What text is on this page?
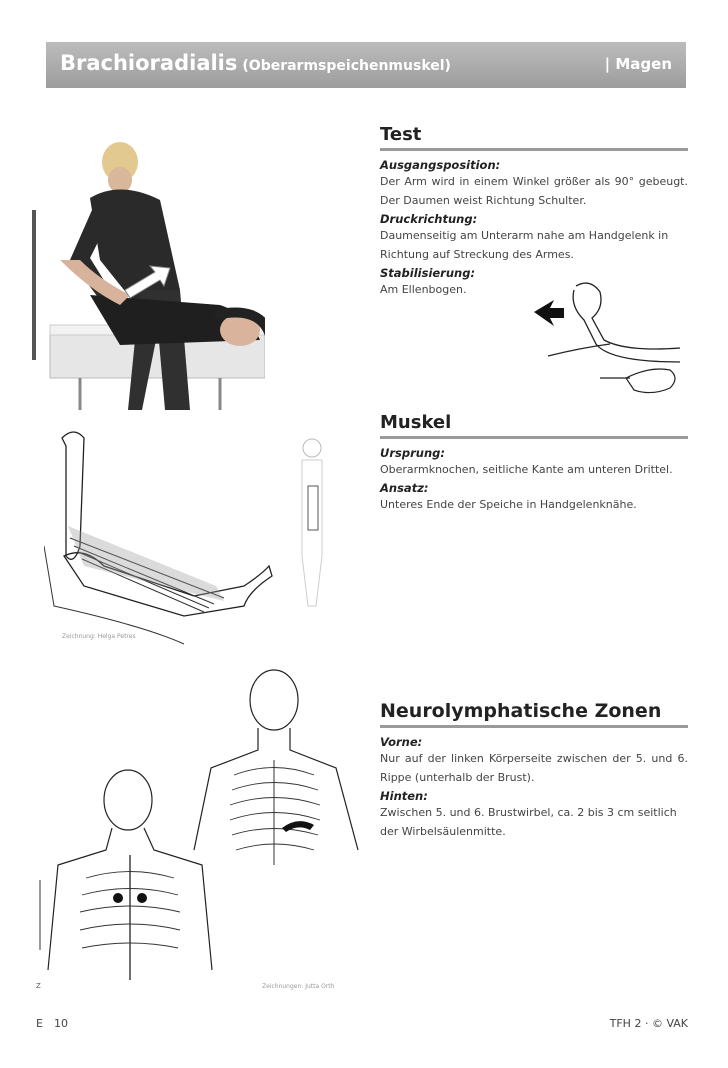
Brachioradialis (Oberarmspeichenmuskel)	| Magen
Test
Ausgangsposition:
Der Arm wird in einem Winkel größer als 90° gebeugt. Der Daumen weist Richtung Schulter.
Druckrichtung:
Daumenseitig am Unterarm nahe am Handgelenk in Richtung auf Streckung des Armes.
Stabilisierung:
Am Ellenbogen.
Muskel
Ursprung:
Oberarmknochen, seitliche Kante am unteren Drittel.
Ansatz:
Unteres Ende der Speiche in Handgelenknähe.
Neurolymphatische Zonen
Vorne:
Nur auf der linken Körperseite zwischen der 5. und 6. Rippe (unterhalb der Brust).
Hinten:
Zwischen 5. und 6. Brustwirbel, ca. 2 bis 3 cm seitlich der Wirbelsäulenmitte.
Zeichnung: Helga Petres
Zeichnungen: Jutta Orth
Z
E 10	TFH 2 · © VAK
